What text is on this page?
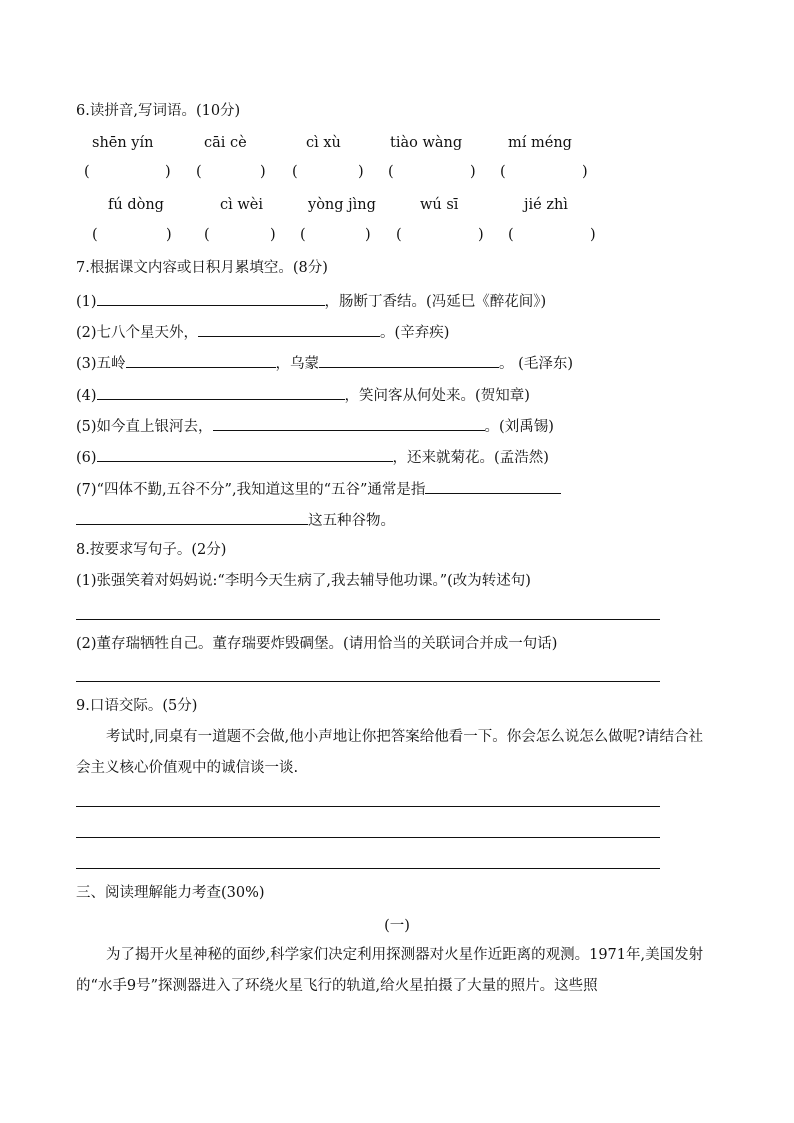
6.读拼音,写词语。(10分)
shēn yín	cāi cè	cì xù	tiào wàng	mí méng
(	) (	) (	) (	) (	)
fú dòng	cì wèi	yòng jìng	wú sī	jié zhì
(	) (	) (	) (	) (	)
7.根据课文内容或日积月累填空。(8分)
(1)	，肠断丁香结。(冯延巳《醉花间》)
(2)七八个星天外，	。(辛弃疾)
(3)五岭	，乌蒙	。 (毛泽东)
(4)	，笑问客从何处来。(贺知章)
(5)如今直上银河去，	。(刘禹锡)
(6)	，还来就菊花。(孟浩然)
(7)“四体不勤,五谷不分”,我知道这里的“五谷”通常是指
这五种谷物。
8.按要求写句子。(2分)
(1)张强笑着对妈妈说:“李明今天生病了,我去辅导他功课。”(改为转述句)
(2)董存瑞牺牲自己。董存瑞要炸毁碉堡。(请用恰当的关联词合并成一句话)
9.口语交际。(5分)
考试时,同桌有一道题不会做,他小声地让你把答案给他看一下。你会怎么说怎么做呢?请结合社会主义核心价值观中的诚信谈一谈.
三、阅读理解能力考查(30%)
(一)
为了揭开火星神秘的面纱,科学家们决定利用探测器对火星作近距离的观测。1971年,美国发射的“水手9号”探测器进入了环绕火星飞行的轨道,给火星拍摄了大量的照片。这些照
